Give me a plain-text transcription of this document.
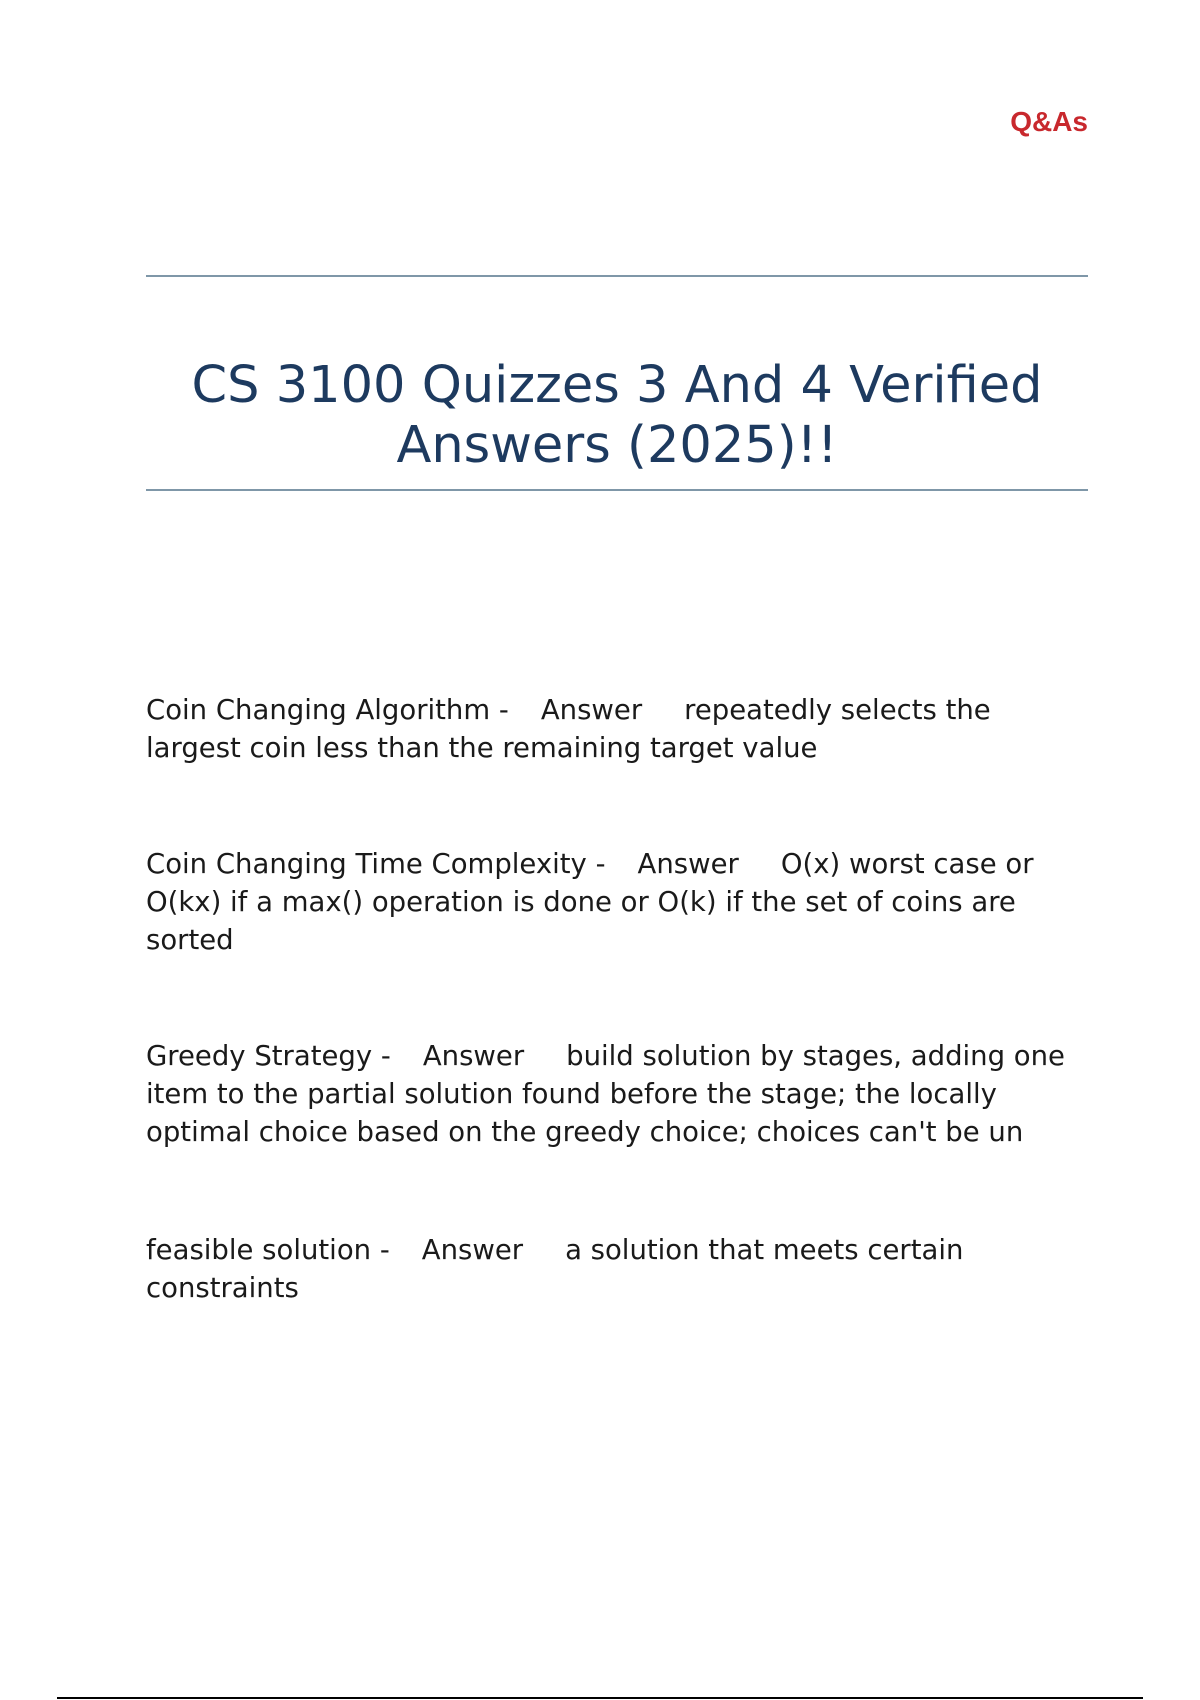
Q&As
CS 3100 Quizzes 3 And 4 Verified Answers (2025)!!

Coin Changing Algorithm - Answer repeatedly selects the largest coin less than the remaining target value

Coin Changing Time Complexity - Answer O(x) worst case or O(kx) if a max() operation is done or O(k) if the set of coins are sorted

Greedy Strategy - Answer build solution by stages, adding one item to the partial solution found before the stage; the locally optimal choice based on the greedy choice; choices can't be un

feasible solution - Answer a solution that meets certain constraints
